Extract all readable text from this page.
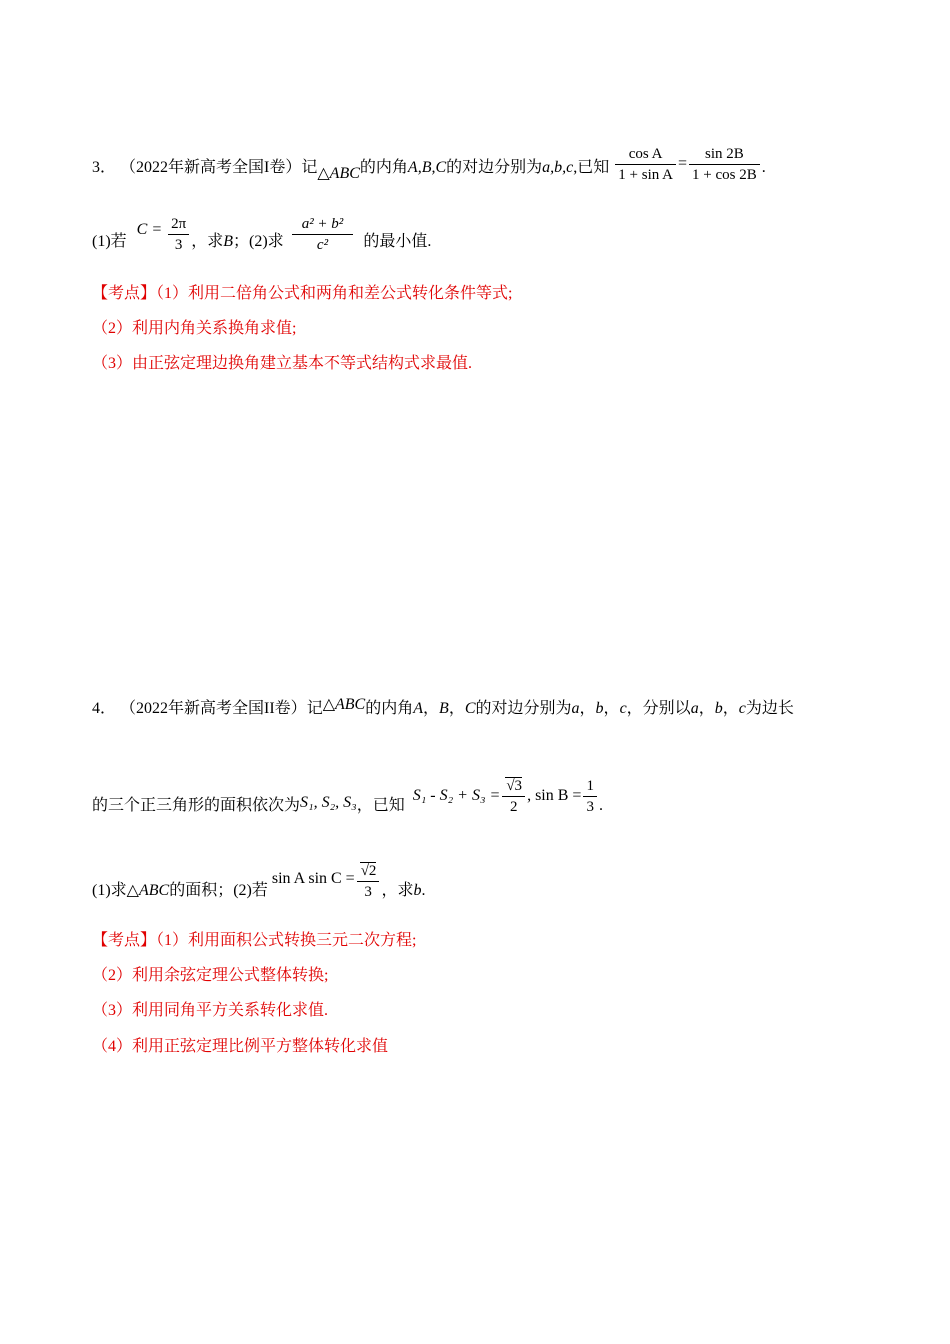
3． （2022年新高考全国I卷）记△ABC的内角A,B,C的对边分别为a,b,c,已知 $\frac{\text{cos A}}{\text{1 + sin A}} = \frac{\sin 2B}{1 + \cos 2B}$ .
(1)若 $C = \frac{2\pi}{3}$ ，求B；(2)求 $\frac{\text{a² + b²}}{\text{c²}}$ 的最小值.
【考点】（1）利用二倍角公式和两角和差公式转化条件等式;
（2）利用内角关系换角求值;
（3）由正弦定理边换角建立基本不等式结构式求最值.
4． （2022年新高考全国II卷）记△ABC的内角A，B，C的对边分别为a，b，c，分别以a，b，c为边长
的三个正三角形的面积依次为S₁, S₂, S₃，已知 $S_1 - S_2 + S_3 = \frac{√3}{2}$ , $\sin B = \frac{1}{3}$ .
(1)求△ABC的面积；(2)若 sin A $\sin C = \frac{√2}{3}$ ，求b.
【考点】（1）利用面积公式转换三元二次方程;
（2）利用余弦定理公式整体转换;
（3）利用同角平方关系转化求值.
（4）利用正弦定理比例平方整体转化求值
